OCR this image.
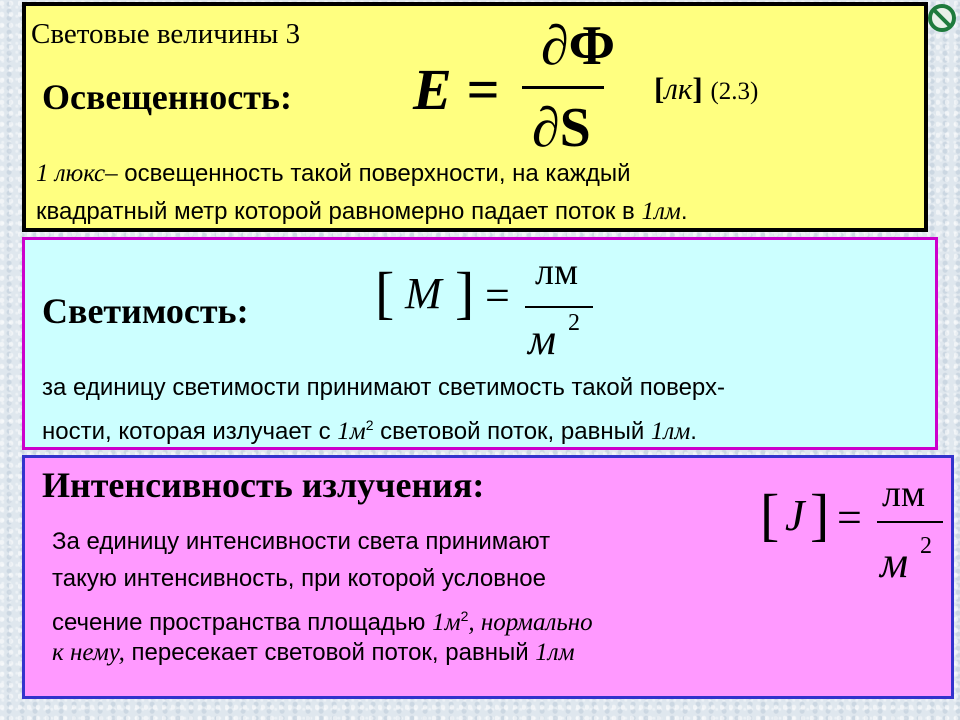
Световые величины 3
Освещенность: E =
∂Φ
∂S
[лк] (2.3)
1 люкс– освещенность такой поверхности, на каждый
квадратный метр которой равномерно падает поток в 1лм.
Светимость: [ M ] = лм
м 2
за единицу светимости принимают светимость такой поверх-
ности, которая излучает с $1м^2$ световой поток, равный 1лм.
Интенсивность излучения:	[ J ] = лм
м 2
За единицу интенсивности света принимают
такую интенсивность, при которой условное
сечение пространства площадью $1м^2$, нормально
к нему, пересекает световой поток, равный 1лм
